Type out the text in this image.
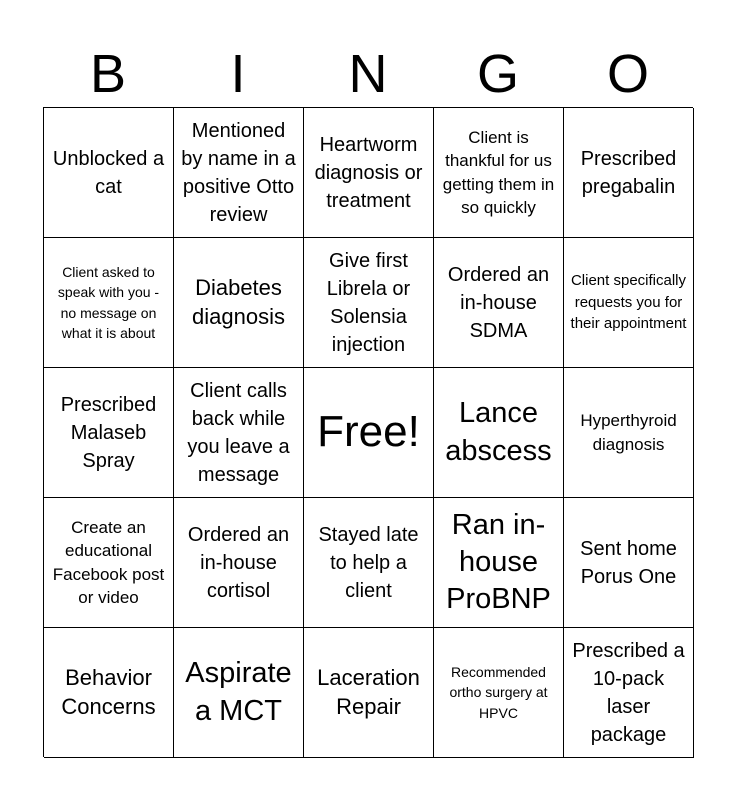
B	I	N	G	O
Unblocked a cat
Mentioned by name in a positive Otto review
Heartworm diagnosis or treatment
Client is thankful for us getting them in so quickly
Prescribed pregabalin
Client asked to speak with you - no message on what it is about
Diabetes diagnosis
Give first Librela or Solensia injection
Ordered an in-house SDMA
Client specifically requests you for their appointment
Prescribed Malaseb Spray
Client calls back while you leave a message
Free!	Lance abscess
Hyperthyroid diagnosis
Create an educational Facebook post or video
Ordered an in-house cortisol
Stayed late to help a client
Ran in-house ProBNP
Sent home Porus One
Behavior Concerns
Aspirate a MCT
Laceration Repair
Recommended ortho surgery at HPVC
Prescribed a 10-pack laser package
